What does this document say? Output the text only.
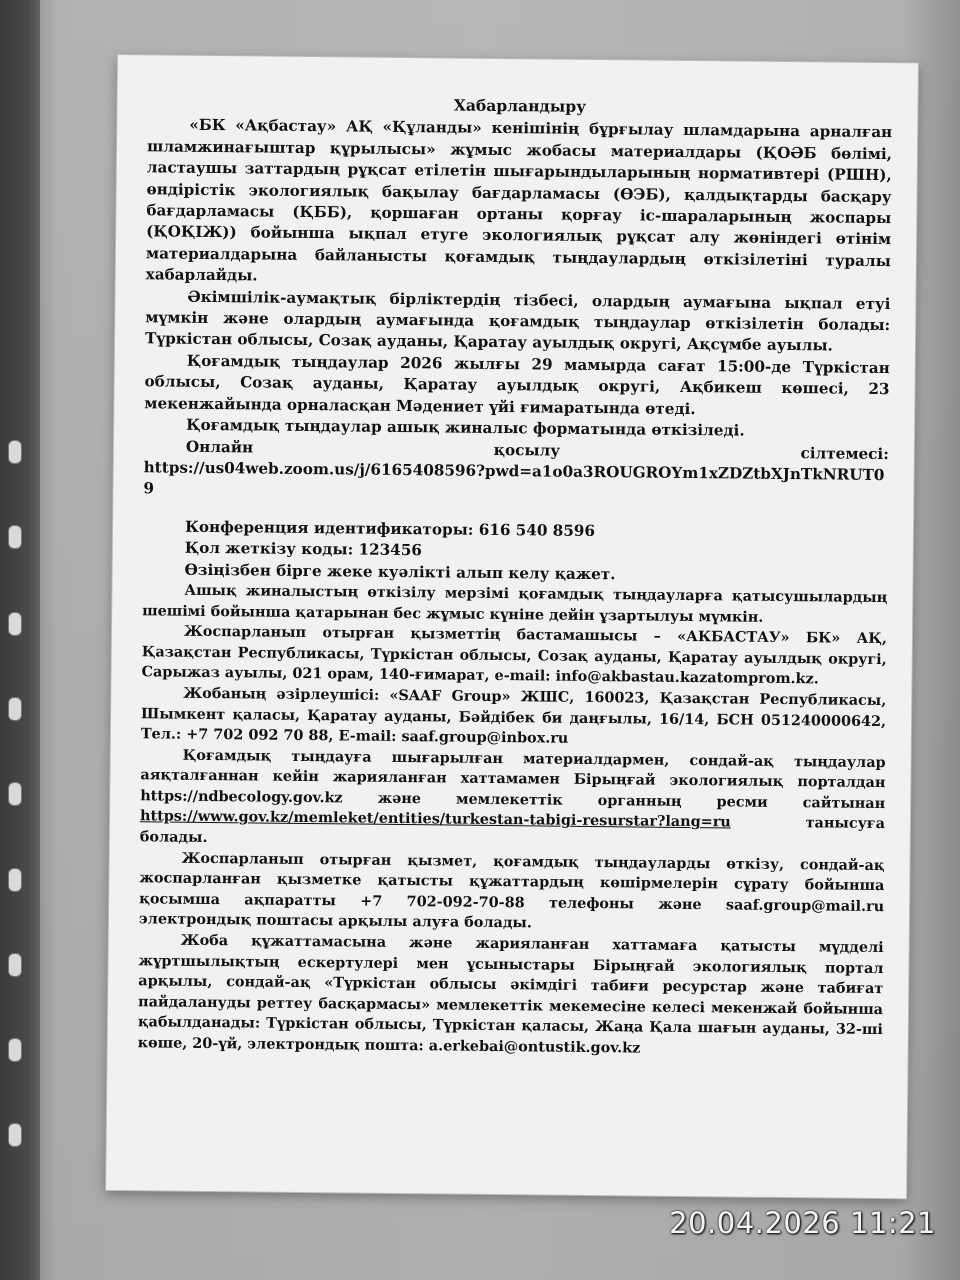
Хабарландыру

«БК «Ақбастау» АҚ «Құланды» кенішінің бұрғылау шламдарына арналған шламжинағыштар құрылысы» жұмыс жобасы материалдары (ҚОӘБ бөлімі, ластаушы заттардың рұқсат етілетін шығарындыларының нормативтері (РШН), өндірістік экологиялық бақылау бағдарламасы (ӨЭБ), қалдықтарды басқару бағдарламасы (ҚББ), қоршаған ортаны қорғау іс-шараларының жоспары (ҚОҚІЖ)) бойынша ықпал етуге экологиялық рұқсат алу жөніндегі өтінім материалдарына байланысты қоғамдық тыңдаулардың өткізілетіні туралы хабарлайды.

Әкімшілік-аумақтық бірліктердің тізбесі, олардың аумағына ықпал етуі мүмкін және олардың аумағында қоғамдық тыңдаулар өткізілетін болады: Түркістан облысы, Созақ ауданы, Қаратау ауылдық округі, Ақсүмбе ауылы.

Қоғамдық тыңдаулар 2026 жылғы 29 мамырда сағат 15:00-де Түркістан облысы, Созақ ауданы, Қаратау ауылдық округі, Ақбикеш көшесі, 23 мекенжайында орналасқан Мәдениет үйі ғимаратында өтеді.

Қоғамдық тыңдаулар ашық жиналыс форматында өткізіледі.

Онлайн	қосылу	сілтемесі:

https://us04web.zoom.us/j/6165408596?pwd=a1o0a3ROUGROYm1xZDZtbXJnTkNRUT09

Конференция идентификаторы: 616 540 8596

Қол жеткізу коды: 123456

Өзіңізбен бірге жеке куәлікті алып келу қажет.

Ашық жиналыстың өткізілу мерзімі қоғамдық тыңдауларға қатысушылардың шешімі бойынша қатарынан бес жұмыс күніне дейін ұзартылуы мүмкін.

Жоспарланып отырған қызметтің бастамашысы – «АКБАСТАУ» БК» АҚ, Қазақстан Республикасы, Түркістан облысы, Созақ ауданы, Қаратау ауылдық округі, Сарыжаз ауылы, 021 орам, 140-ғимарат, e-mail: info@akbastau.kazatomprom.kz.

Жобаның әзірлеушісі: «SAAF Group» ЖШС, 160023, Қазақстан Республикасы, Шымкент қаласы, Қаратау ауданы, Бәйдібек би даңғылы, 16/14, БСН 051240000642, Тел.: +7 702 092 70 88, E-mail: saaf.group@inbox.ru

Қоғамдық тыңдауға шығарылған материалдармен, сондай-ақ тыңдаулар аяқталғаннан кейін жарияланған хаттамамен Бірыңғай экологиялық порталдан https://ndbecology.gov.kz және мемлекеттік органның ресми сайтынан https://www.gov.kz/memleket/entities/turkestan-tabigi-resurstar?lang=ru	танысуға болады.

Жоспарланып отырған қызмет, қоғамдық тыңдауларды өткізу, сондай-ақ жоспарланған қызметке қатысты құжаттардың көшірмелерін сұрату бойынша қосымша ақпаратты +7 702-092-70-88 телефоны және saaf.group@mail.ru электрондық поштасы арқылы алуға болады.

Жоба құжаттамасына және жарияланған хаттамаға қатысты мүдделі жұртшылықтың ескертулері мен ұсыныстары Бірыңғай экологиялық портал арқылы, сондай-ақ «Түркістан облысы әкімдігі табиғи ресурстар және табиғат пайдалануды реттеу басқармасы» мемлекеттік мекемесіне келесі мекенжай бойынша қабылданады: Түркістан облысы, Түркістан қаласы, Жаңа Қала шағын ауданы, 32-ші көше, 20-үй, электрондық пошта: a.erkebai@ontustik.gov.kz

20.04.2026 11:21
